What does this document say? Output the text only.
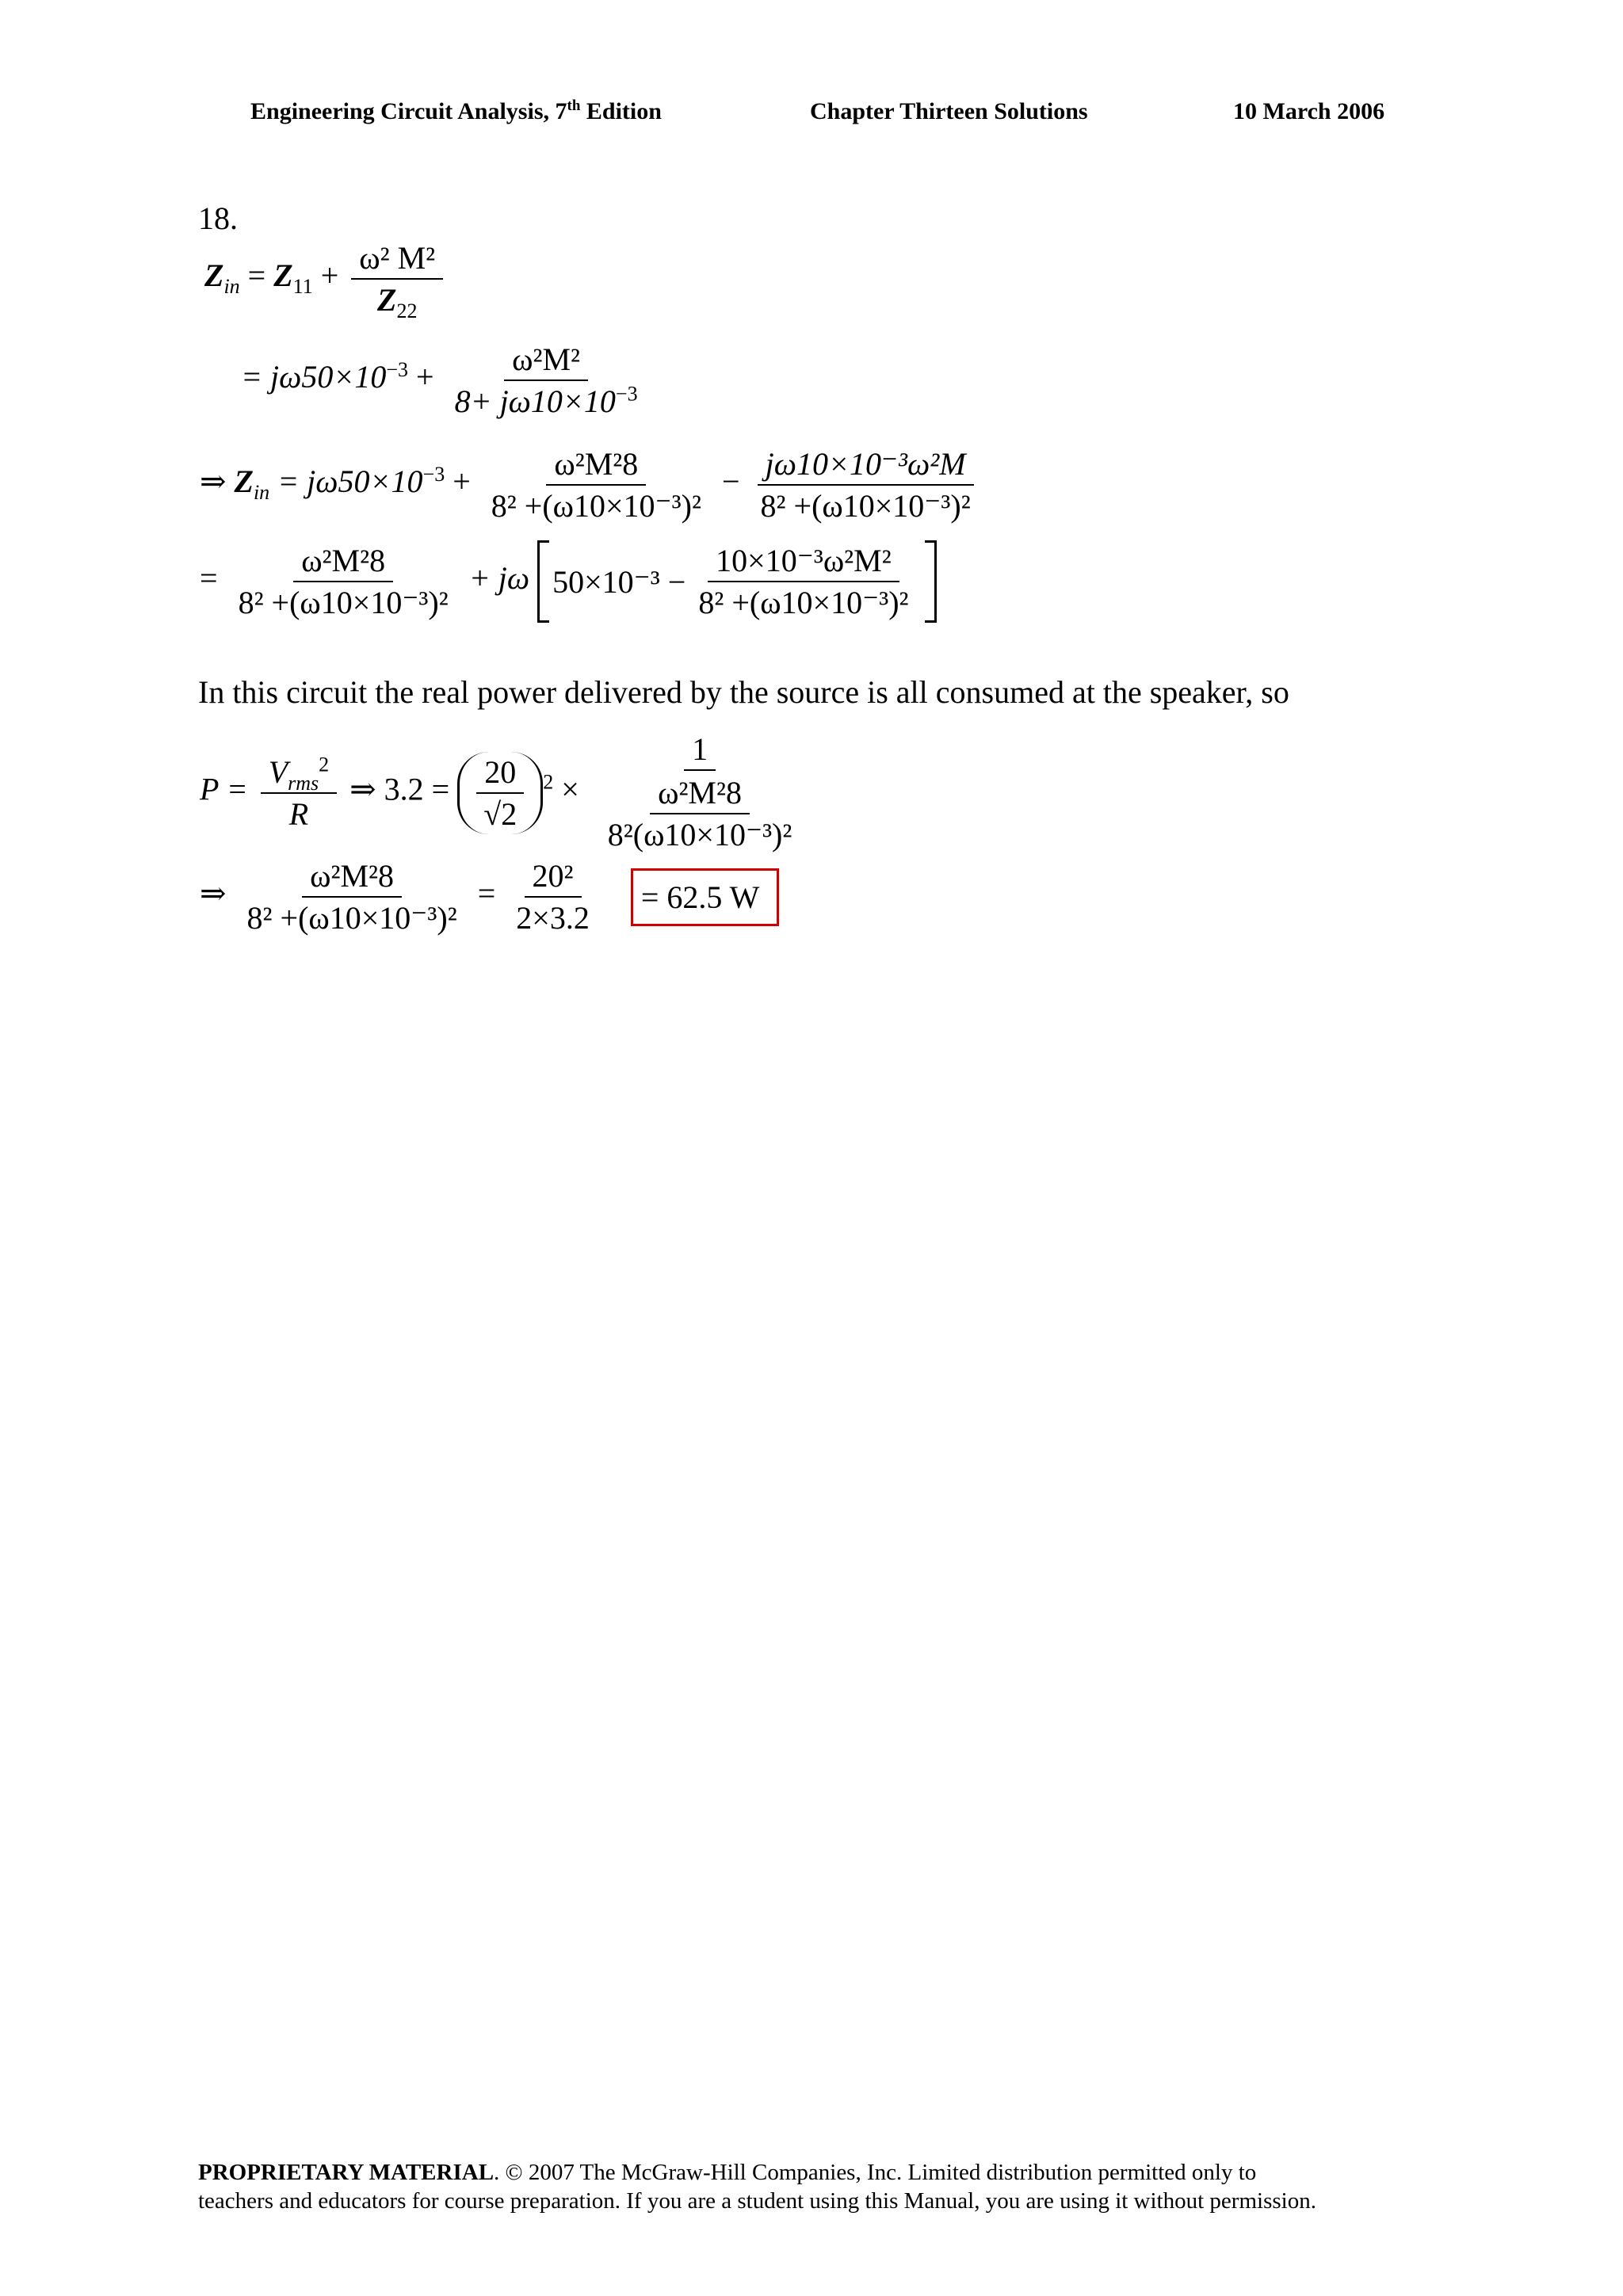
Engineering Circuit Analysis, 7th Edition	Chapter Thirteen Solutions	10 March 2006
18.
$Z_{in} = Z_{11} + \frac{\text{ω² M²}}{Z_{22}}$
= $j\omega 50\times 10^{-3} + \frac{\text{ω²M²}}{8+ j\omega 10\times 10^{-3}}$
⇒ $Z_{in} = j\omega 50\times 10^{-3} + \frac{\text{ω²M²8}}{\text{8² +(ω10×10⁻³)²}} - \frac{\text{jω10×10⁻³ω²M}}{\text{8² +(ω10×10⁻³)²}}$
= $\frac{\text{ω²M²8}}{\text{8² +(ω10×10⁻³)²}} + j\omega$ $50\times 10^{-3} - \frac{\text{10×10⁻³ω²M²}}{\text{8² +(ω10×10⁻³)²}}$
In this circuit the real power delivered by the source is all consumed at the speaker, so
$P = V_{rms}^2$
R
⇒ 3.2 = 20
√2
$^2$ × 1
ω²M²8
8²(ω10×10⁻³)²
⇒ $\frac{\text{ω²M²8}}{\text{8² +(ω10×10⁻³)²}} = \frac{\text{20²}}{2\times 3.2} = 62.5$ W
PROPRIETARY MATERIAL. © 2007 The McGraw-Hill Companies, Inc. Limited distribution permitted only to
teachers and educators for course preparation. If you are a student using this Manual, you are using it without permission.
